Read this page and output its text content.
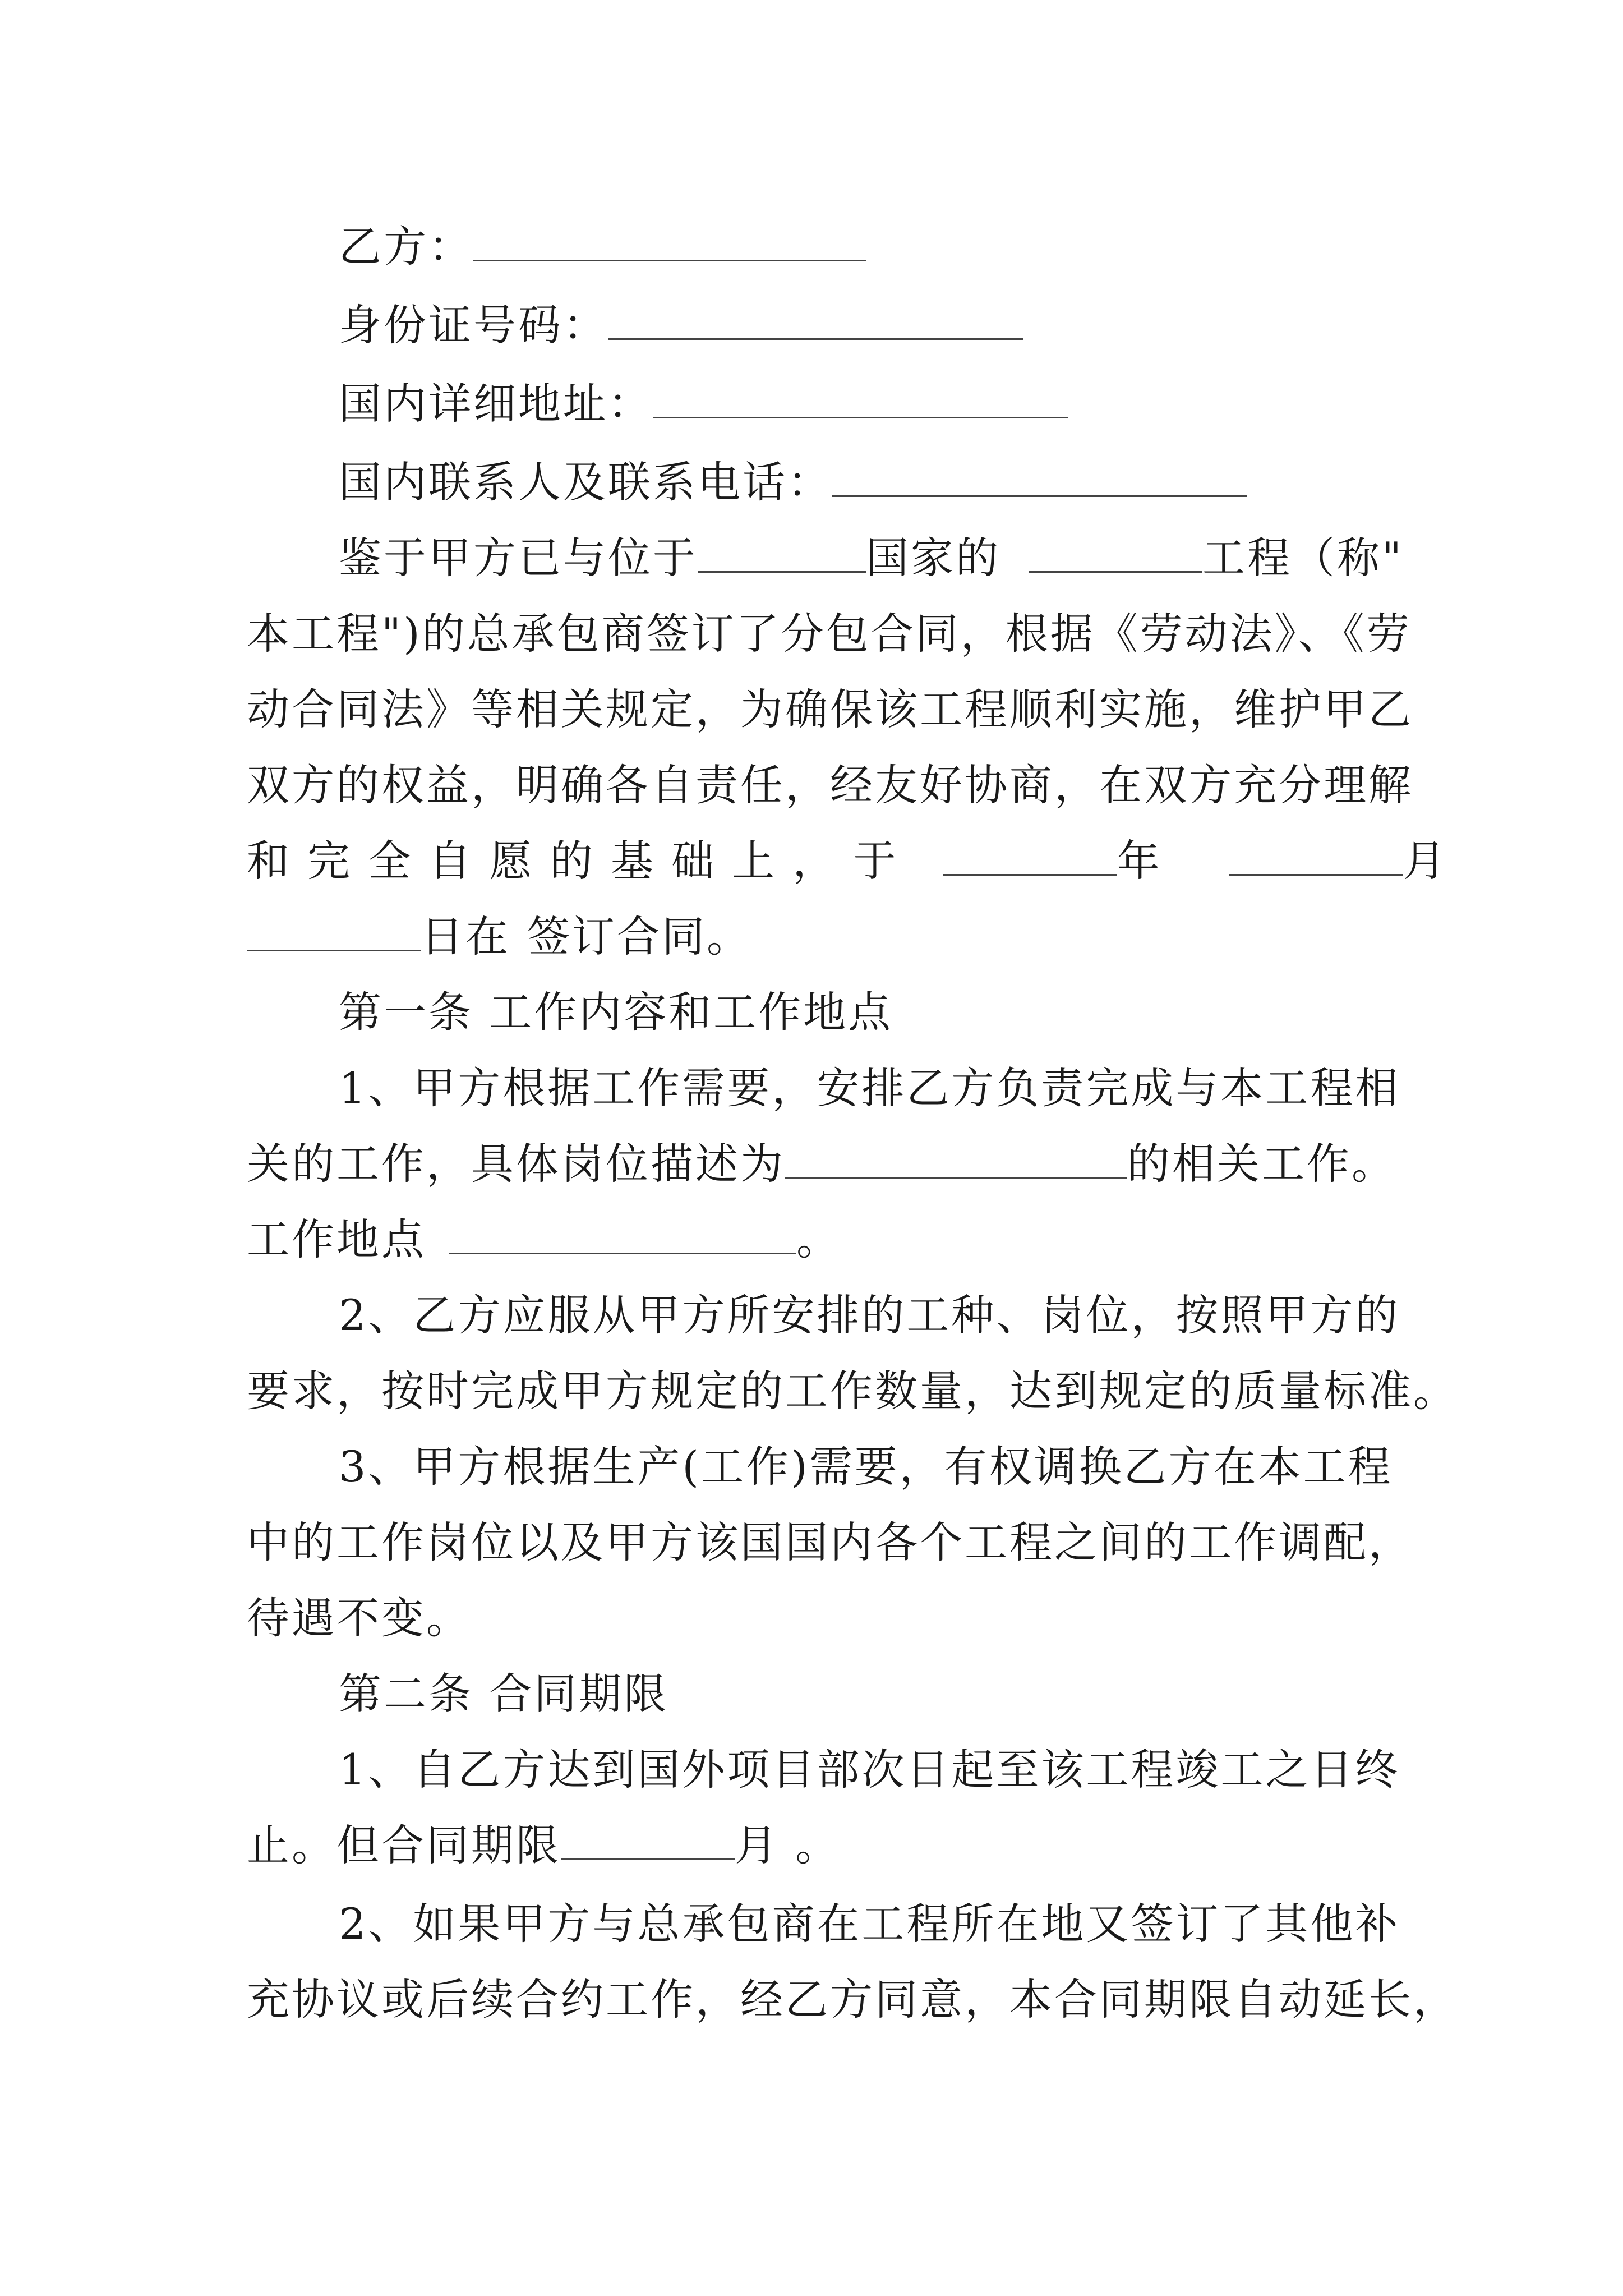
乙方：
身份证号码：
国内详细地址：
国内联系人及联系电话：
鉴于甲方已与位于	国家的	工程（称"
本工程")的总承包商签订了分包合同，根据《劳动法》、《劳
动合同法》等相关规定，为确保该工程顺利实施，维护甲乙
双方的权益，明确各自责任，经友好协商，在双方充分理解
和 完 全 自 愿 的 基 础 上 ， 于	年	月
日在 签订合同。
第一条 工作内容和工作地点
1、甲方根据工作需要，安排乙方负责完成与本工程相
关的工作，具体岗位描述为	的相关工作。
工作地点	。
2、乙方应服从甲方所安排的工种、岗位，按照甲方的
要求，按时完成甲方规定的工作数量，达到规定的质量标准。
3、甲方根据生产(工作)需要，有权调换乙方在本工程
中的工作岗位以及甲方该国国内各个工程之间的工作调配，
待遇不变。
第二条 合同期限
1、自乙方达到国外项目部次日起至该工程竣工之日终
止。但合同期限	月 。
2、如果甲方与总承包商在工程所在地又签订了其他补
充协议或后续合约工作，经乙方同意，本合同期限自动延长，
